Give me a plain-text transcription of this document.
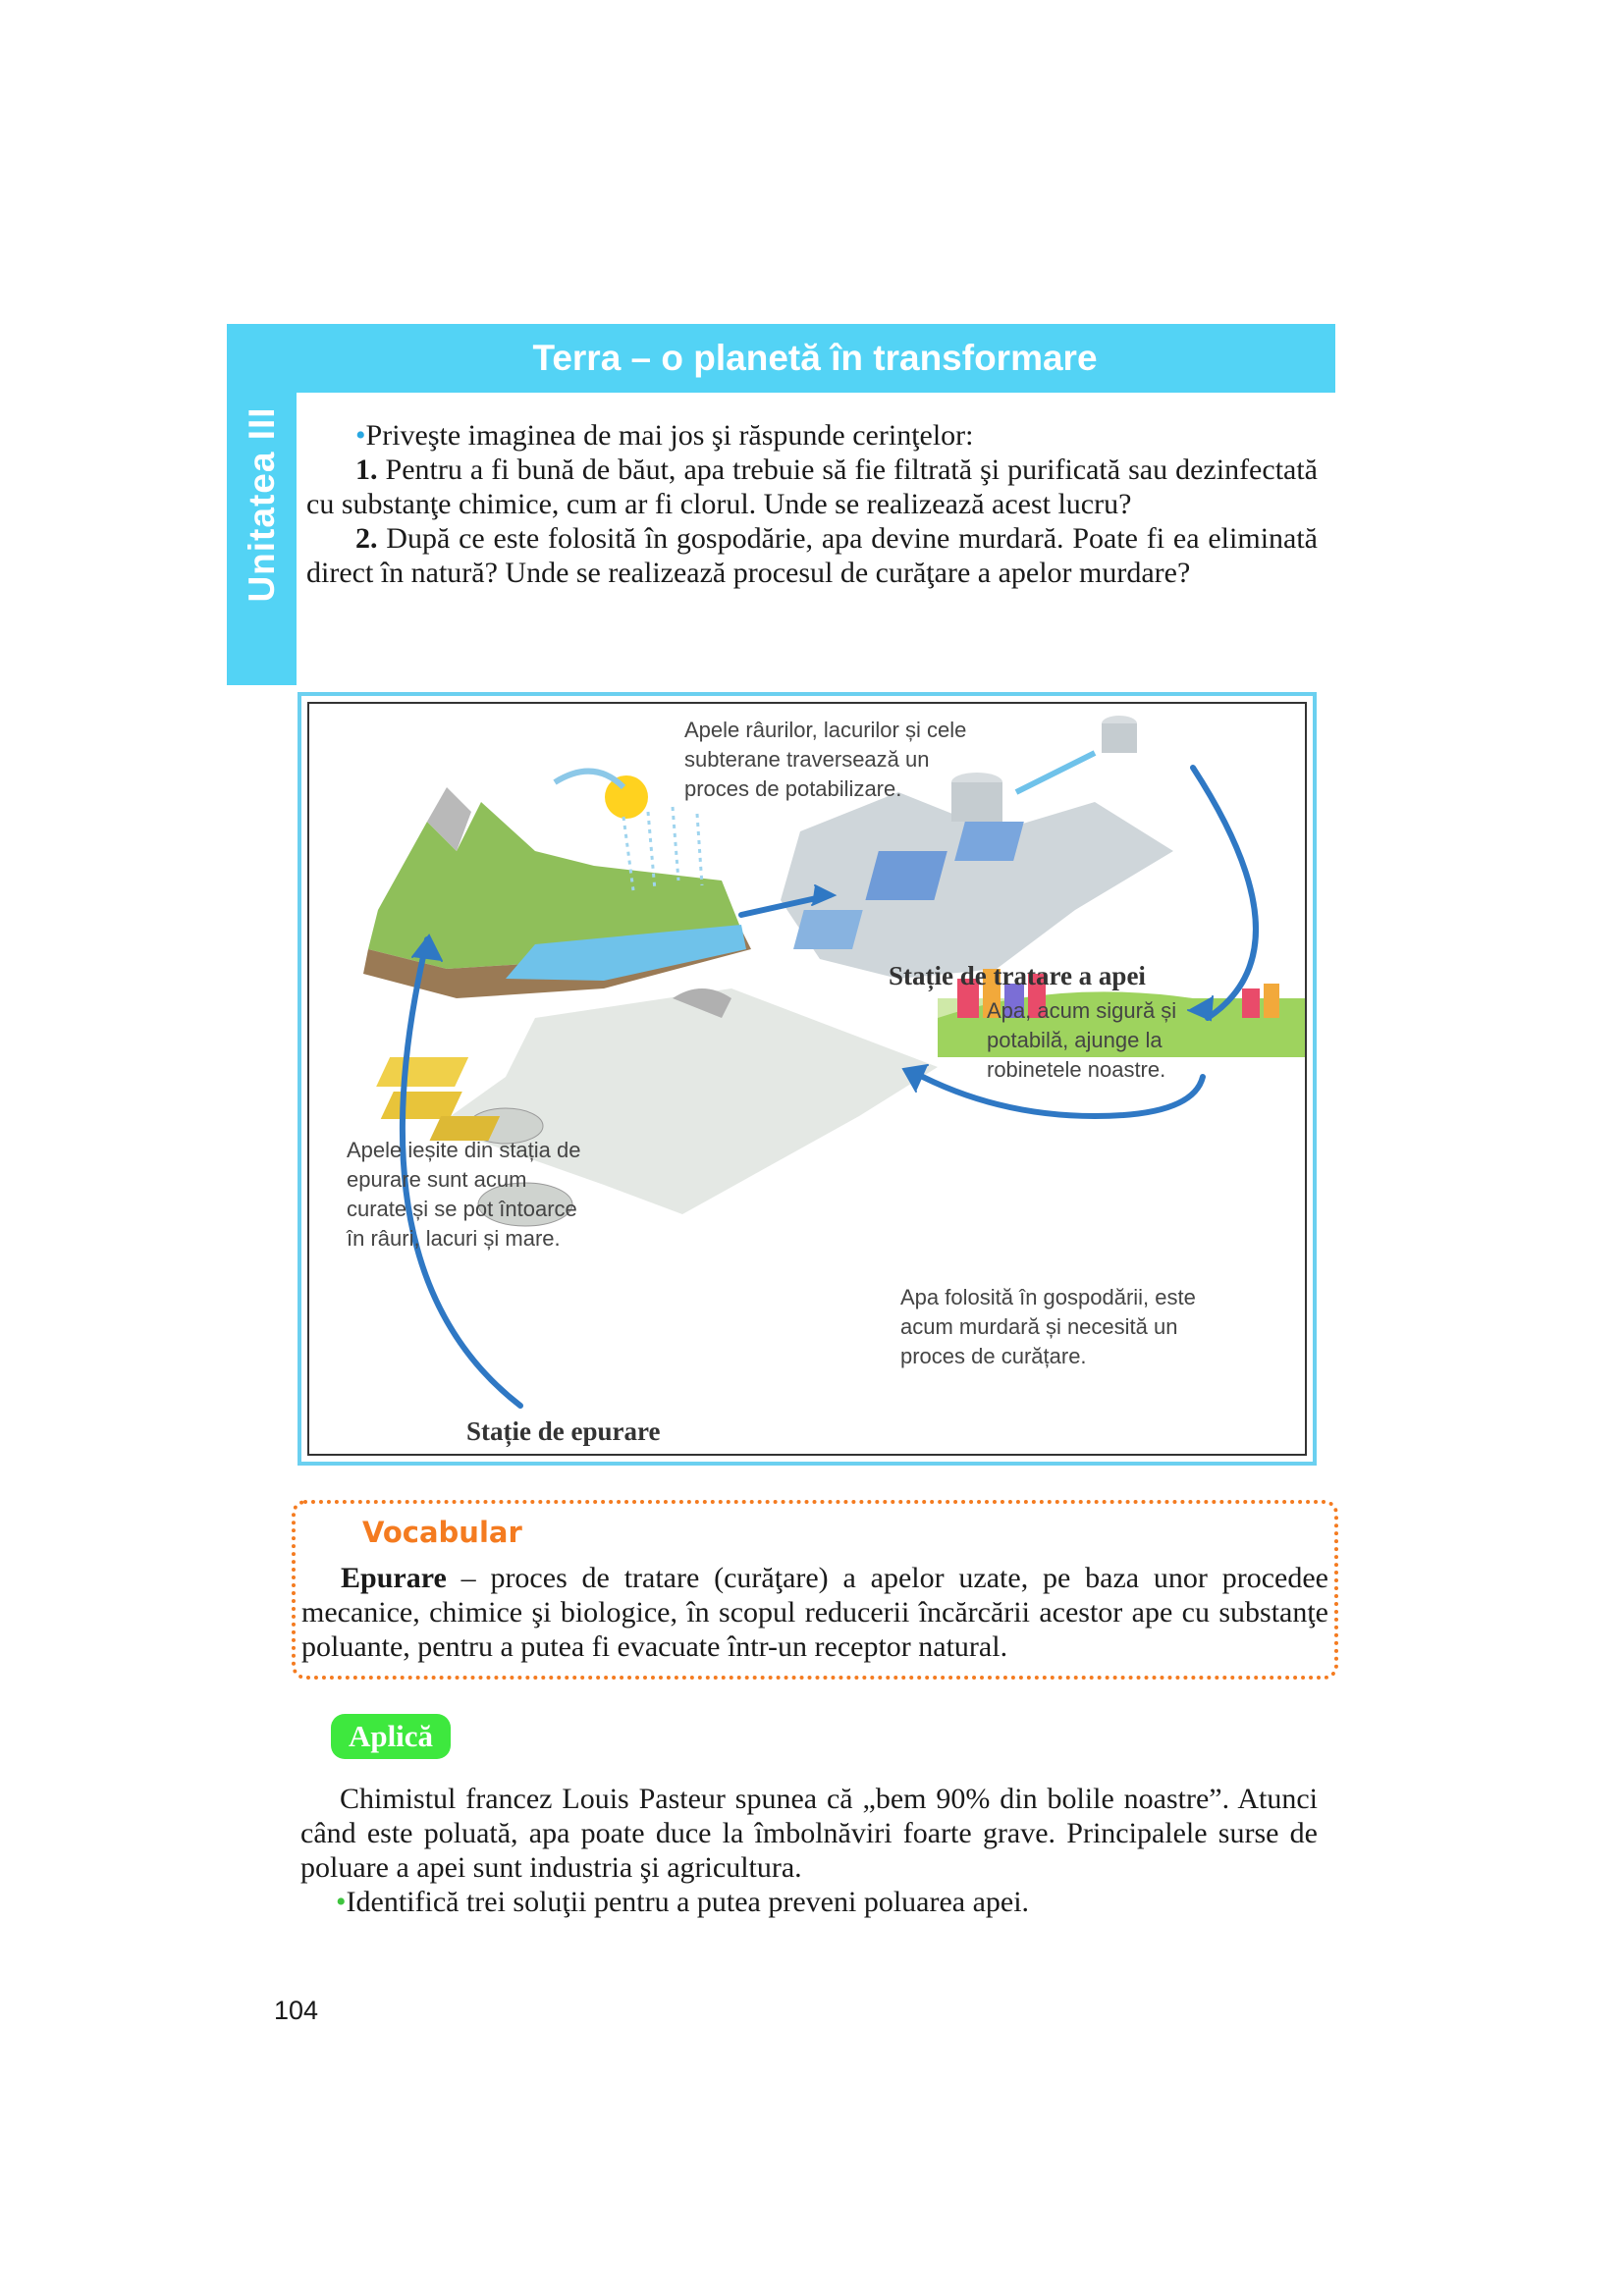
Unitatea III
Terra – o planetă în transformare

•Priveşte imaginea de mai jos şi răspunde cerinţelor:

1. Pentru a fi bună de băut, apa trebuie să fie filtrată şi purificată sau dezinfectată cu substanţe chimice, cum ar fi clorul. Unde se realizează acest lucru?

2. După ce este folosită în gospodărie, apa devine murdară. Poate fi ea eliminată direct în natură? Unde se realizează procesul de curăţare a apelor murdare?

Apele râurilor, lacurilor și cele
subterane traversează un
proces de potabilizare.
Stație de tratare a apei
Apa, acum sigură și
potabilă, ajunge la
robinetele noastre.
Apele ieșite din stația de
epurare sunt acum
curate și se pot întoarce
în râuri, lacuri și mare.
Apa folosită în gospodării, este
acum murdară și necesită un
proces de curățare.
Stație de epurare
Vocabular
Epurare – proces de tratare (curăţare) a apelor uzate, pe baza unor procedee mecanice, chimice şi biologice, în scopul reducerii încărcării acestor ape cu substanţe poluante, pentru a putea fi evacuate într-un receptor natural.
Aplică

Chimistul francez Louis Pasteur spunea că „bem 90% din bolile noastre”. Atunci când este poluată, apa poate duce la îmbolnăviri foarte grave. Principalele surse de poluare a apei sunt industria şi agricultura.

•Identifică trei soluţii pentru a putea preveni poluarea apei.

104
